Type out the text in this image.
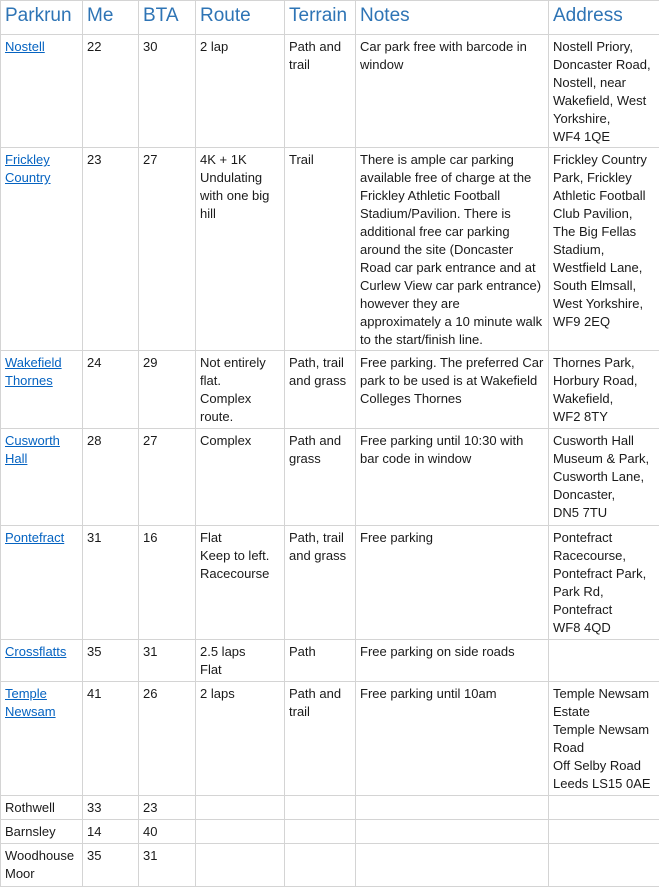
Parkrun	Me	BTA	Route	Terrain	Notes	Address
Nostell	22	30	2 lap	Path and trail	Car park free with barcode in window	Nostell Priory, Doncaster Road, Nostell, near Wakefield, West Yorkshire,
WF4 1QE
Frickley Country	23	27	4K + 1K
Undulating with one big hill	Trail	There is ample car parking available free of charge at the Frickley Athletic Football Stadium/Pavilion. There is additional free car parking around the site (Doncaster Road car park entrance and at Curlew View car park entrance) however they are approximately a 10 minute walk to the start/finish line.	Frickley Country Park, Frickley Athletic Football Club Pavilion, The Big Fellas Stadium, Westfield Lane, South Elmsall, West Yorkshire, WF9 2EQ
Wakefield Thornes	24	29	Not entirely flat.
Complex route.	Path, trail and grass	Free parking. The preferred Car park to be used is at Wakefield Colleges Thornes	Thornes Park, Horbury Road, Wakefield,
WF2 8TY
Cusworth Hall	28	27	Complex	Path and grass	Free parking until 10:30 with bar code in window	Cusworth Hall Museum & Park, Cusworth Lane, Doncaster,
DN5 7TU
Pontefract	31	16	Flat
Keep to left.
Racecourse	Path, trail and grass	Free parking	Pontefract Racecourse, Pontefract Park, Park Rd, Pontefract
WF8 4QD
Crossflatts	35	31	2.5 laps
Flat	Path	Free parking on side roads	
Temple Newsam	41	26	2 laps	Path and trail	Free parking until 10am	Temple Newsam Estate
Temple Newsam Road
Off Selby Road
Leeds LS15 0AE
Rothwell	33	23				
Barnsley	14	40				
Woodhouse Moor	35	31				
